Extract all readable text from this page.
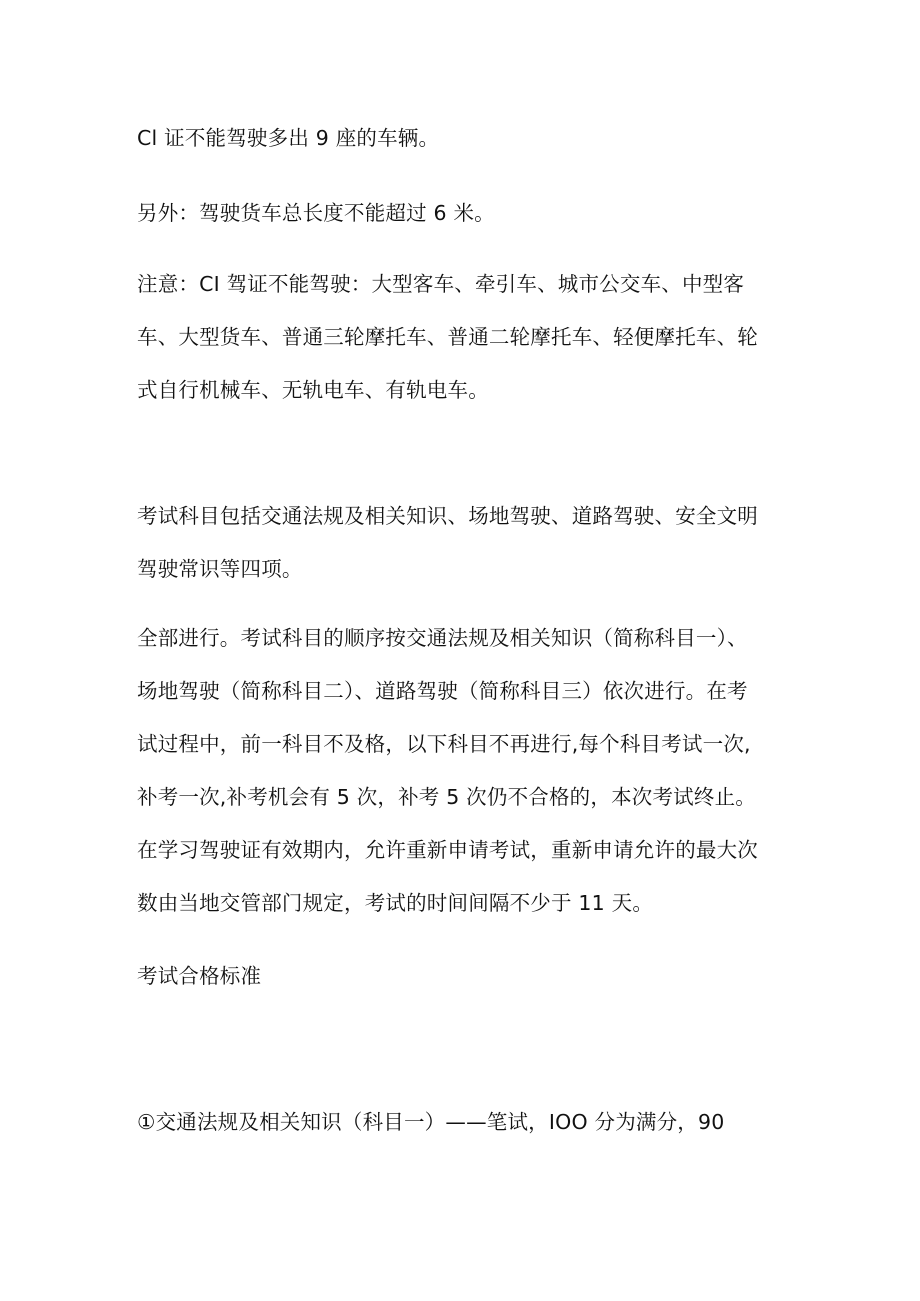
Cl 证不能驾驶多出 9 座的车辆。

另外：驾驶货车总长度不能超过 6 米。

注意：CI 驾证不能驾驶：大型客车、牵引车、城市公交车、中型客
车、大型货车、普通三轮摩托车、普通二轮摩托车、轻便摩托车、轮
式自行机械车、无轨电车、有轨电车。

考试科目包括交通法规及相关知识、场地驾驶、道路驾驶、安全文明
驾驶常识等四项。

全部进行。考试科目的顺序按交通法规及相关知识（简称科目一）、
场地驾驶（简称科目二）、道路驾驶（简称科目三）依次进行。在考
试过程中，前一科目不及格，以下科目不再进行,每个科目考试一次,
补考一次,补考机会有 5 次，补考 5 次仍不合格的，本次考试终止。
在学习驾驶证有效期内，允许重新申请考试，重新申请允许的最大次
数由当地交管部门规定，考试的时间间隔不少于 11 天。

考试合格标准

①交通法规及相关知识（科目一）——笔试，IOO 分为满分，90
